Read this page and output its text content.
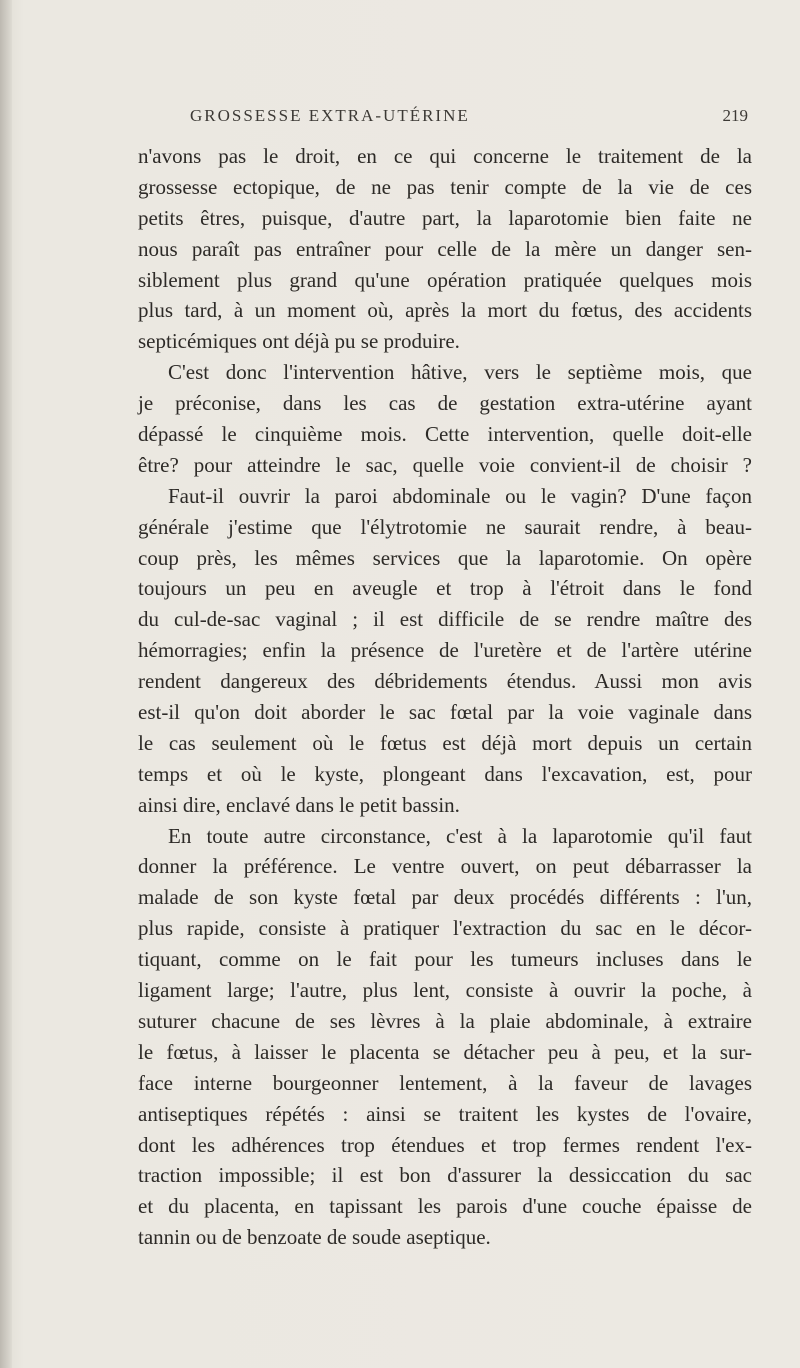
GROSSESSE EXTRA-UTÉRINE	219
n'avons pas le droit, en ce qui concerne le traitement de la
grossesse ectopique, de ne pas tenir compte de la vie de ces
petits êtres, puisque, d'autre part, la laparotomie bien faite ne
nous paraît pas entraîner pour celle de la mère un danger sen-
siblement plus grand qu'une opération pratiquée quelques mois
plus tard, à un moment où, après la mort du fœtus, des accidents
septicémiques ont déjà pu se produire.
C'est donc l'intervention hâtive, vers le septième mois, que
je préconise, dans les cas de gestation extra-utérine ayant
dépassé le cinquième mois. Cette intervention, quelle doit-elle
être? pour atteindre le sac, quelle voie convient-il de choisir ?
Faut-il ouvrir la paroi abdominale ou le vagin? D'une façon
générale j'estime que l'élytrotomie ne saurait rendre, à beau-
coup près, les mêmes services que la laparotomie. On opère
toujours un peu en aveugle et trop à l'étroit dans le fond
du cul-de-sac vaginal ; il est difficile de se rendre maître des
hémorragies; enfin la présence de l'uretère et de l'artère utérine
rendent dangereux des débridements étendus. Aussi mon avis
est-il qu'on doit aborder le sac fœtal par la voie vaginale dans
le cas seulement où le fœtus est déjà mort depuis un certain
temps et où le kyste, plongeant dans l'excavation, est, pour
ainsi dire, enclavé dans le petit bassin.
En toute autre circonstance, c'est à la laparotomie qu'il faut
donner la préférence. Le ventre ouvert, on peut débarrasser la
malade de son kyste fœtal par deux procédés différents : l'un,
plus rapide, consiste à pratiquer l'extraction du sac en le décor-
tiquant, comme on le fait pour les tumeurs incluses dans le
ligament large; l'autre, plus lent, consiste à ouvrir la poche, à
suturer chacune de ses lèvres à la plaie abdominale, à extraire
le fœtus, à laisser le placenta se détacher peu à peu, et la sur-
face interne bourgeonner lentement, à la faveur de lavages
antiseptiques répétés : ainsi se traitent les kystes de l'ovaire,
dont les adhérences trop étendues et trop fermes rendent l'ex-
traction impossible; il est bon d'assurer la dessiccation du sac
et du placenta, en tapissant les parois d'une couche épaisse de
tannin ou de benzoate de soude aseptique.
